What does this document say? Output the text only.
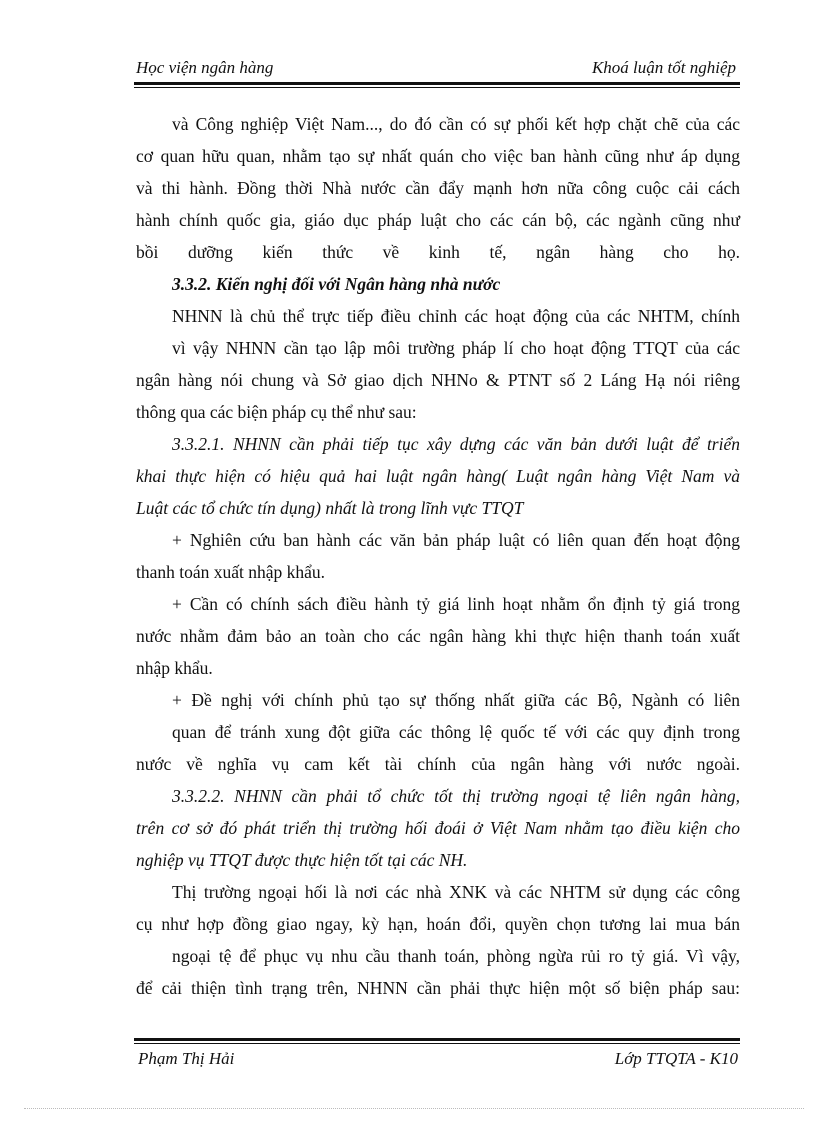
Học viện ngân hàng	Khoá luận tốt nghiệp
và Công nghiệp Việt Nam..., do đó cần có sự phối kết hợp chặt chẽ của các
cơ quan hữu quan, nhằm tạo sự nhất quán cho việc ban hành cũng như áp dụng
và thi hành. Đồng thời Nhà nước cần đẩy mạnh hơn nữa công cuộc cải cách
hành chính quốc gia, giáo dục pháp luật cho các cán bộ, các ngành cũng như
bồi dưỡng kiến thức về kinh tế, ngân hàng cho họ.
3.3.2. Kiến nghị đối với Ngân hàng nhà nước
NHNN là chủ thể trực tiếp điều chỉnh các hoạt động của các NHTM, chính
vì vậy NHNN cần tạo lập môi trường pháp lí cho hoạt động TTQT của các
ngân hàng nói chung và Sở giao dịch NHNo & PTNT số 2 Láng Hạ nói riêng
thông qua các biện pháp cụ thể như sau:
3.3.2.1. NHNN cần phải tiếp tục xây dựng các văn bản dưới luật để triển
khai thực hiện có hiệu quả hai luật ngân hàng( Luật ngân hàng Việt Nam và
Luật các tổ chức tín dụng) nhất là trong lĩnh vực TTQT
+ Nghiên cứu ban hành các văn bản pháp luật có liên quan đến hoạt động
thanh toán xuất nhập khẩu.
+ Cần có chính sách điều hành tỷ giá linh hoạt nhằm ổn định tỷ giá trong
nước nhằm đảm bảo an toàn cho các ngân hàng khi thực hiện thanh toán xuất
nhập khẩu.
+ Đề nghị với chính phủ tạo sự thống nhất giữa các Bộ, Ngành có liên
quan để tránh xung đột giữa các thông lệ quốc tế với các quy định trong
nước về nghĩa vụ cam kết tài chính của ngân hàng với nước ngoài.
3.3.2.2. NHNN cần phải tổ chức tốt thị trường ngoại tệ liên ngân hàng,
trên cơ sở đó phát triển thị trường hối đoái ở Việt Nam nhằm tạo điều kiện cho
nghiệp vụ TTQT được thực hiện tốt tại các NH.
Thị trường ngoại hối là nơi các nhà XNK và các NHTM sử dụng các công
cụ như hợp đồng giao ngay, kỳ hạn, hoán đổi, quyền chọn tương lai mua bán
ngoại tệ để phục vụ nhu cầu thanh toán, phòng ngừa rủi ro tỷ giá. Vì vậy,
để cải thiện tình trạng trên, NHNN cần phải thực hiện một số biện pháp sau:
Phạm Thị Hải	Lớp TTQTA - K10
